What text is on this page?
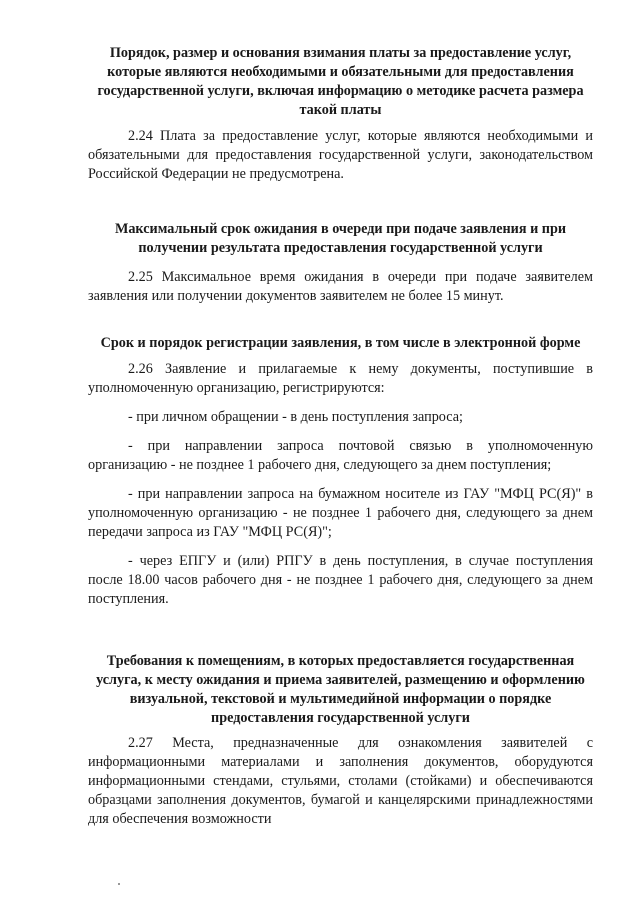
Порядок, размер и основания взимания платы за предоставление услуг, которые являются необходимыми и обязательными для предоставления государственной услуги, включая информацию о методике расчета размера такой платы

2.24 Плата за предоставление услуг, которые являются необходимыми и обязательными для предоставления государственной услуги, законодательством Российской Федерации не предусмотрена.

Максимальный срок ожидания в очереди при подаче заявления и при получении результата предоставления государственной услуги

2.25 Максимальное время ожидания в очереди при подаче заявителем заявления или получении документов заявителем не более 15 минут.

Срок и порядок регистрации заявления, в том числе в электронной форме

2.26 Заявление и прилагаемые к нему документы, поступившие в уполномоченную организацию, регистрируются:

- при личном обращении - в день поступления запроса;

- при направлении запроса почтовой связью в уполномоченную организацию - не позднее 1 рабочего дня, следующего за днем поступления;

- при направлении запроса на бумажном носителе из ГАУ "МФЦ РС(Я)" в уполномоченную организацию - не позднее 1 рабочего дня, следующего за днем передачи запроса из ГАУ "МФЦ РС(Я)";

- через ЕПГУ и (или) РПГУ в день поступления, в случае поступления после 18.00 часов рабочего дня - не позднее 1 рабочего дня, следующего за днем поступления.

Требования к помещениям, в которых предоставляется государственная услуга, к месту ожидания и приема заявителей, размещению и оформлению визуальной, текстовой и мультимедийной информации о порядке предоставления государственной услуги

2.27 Места, предназначенные для ознакомления заявителей с информационными материалами и заполнения документов, оборудуются информационными стендами, стульями, столами (стойками) и обеспечиваются образцами заполнения документов, бумагой и канцелярскими принадлежностями для обеспечения возможности
